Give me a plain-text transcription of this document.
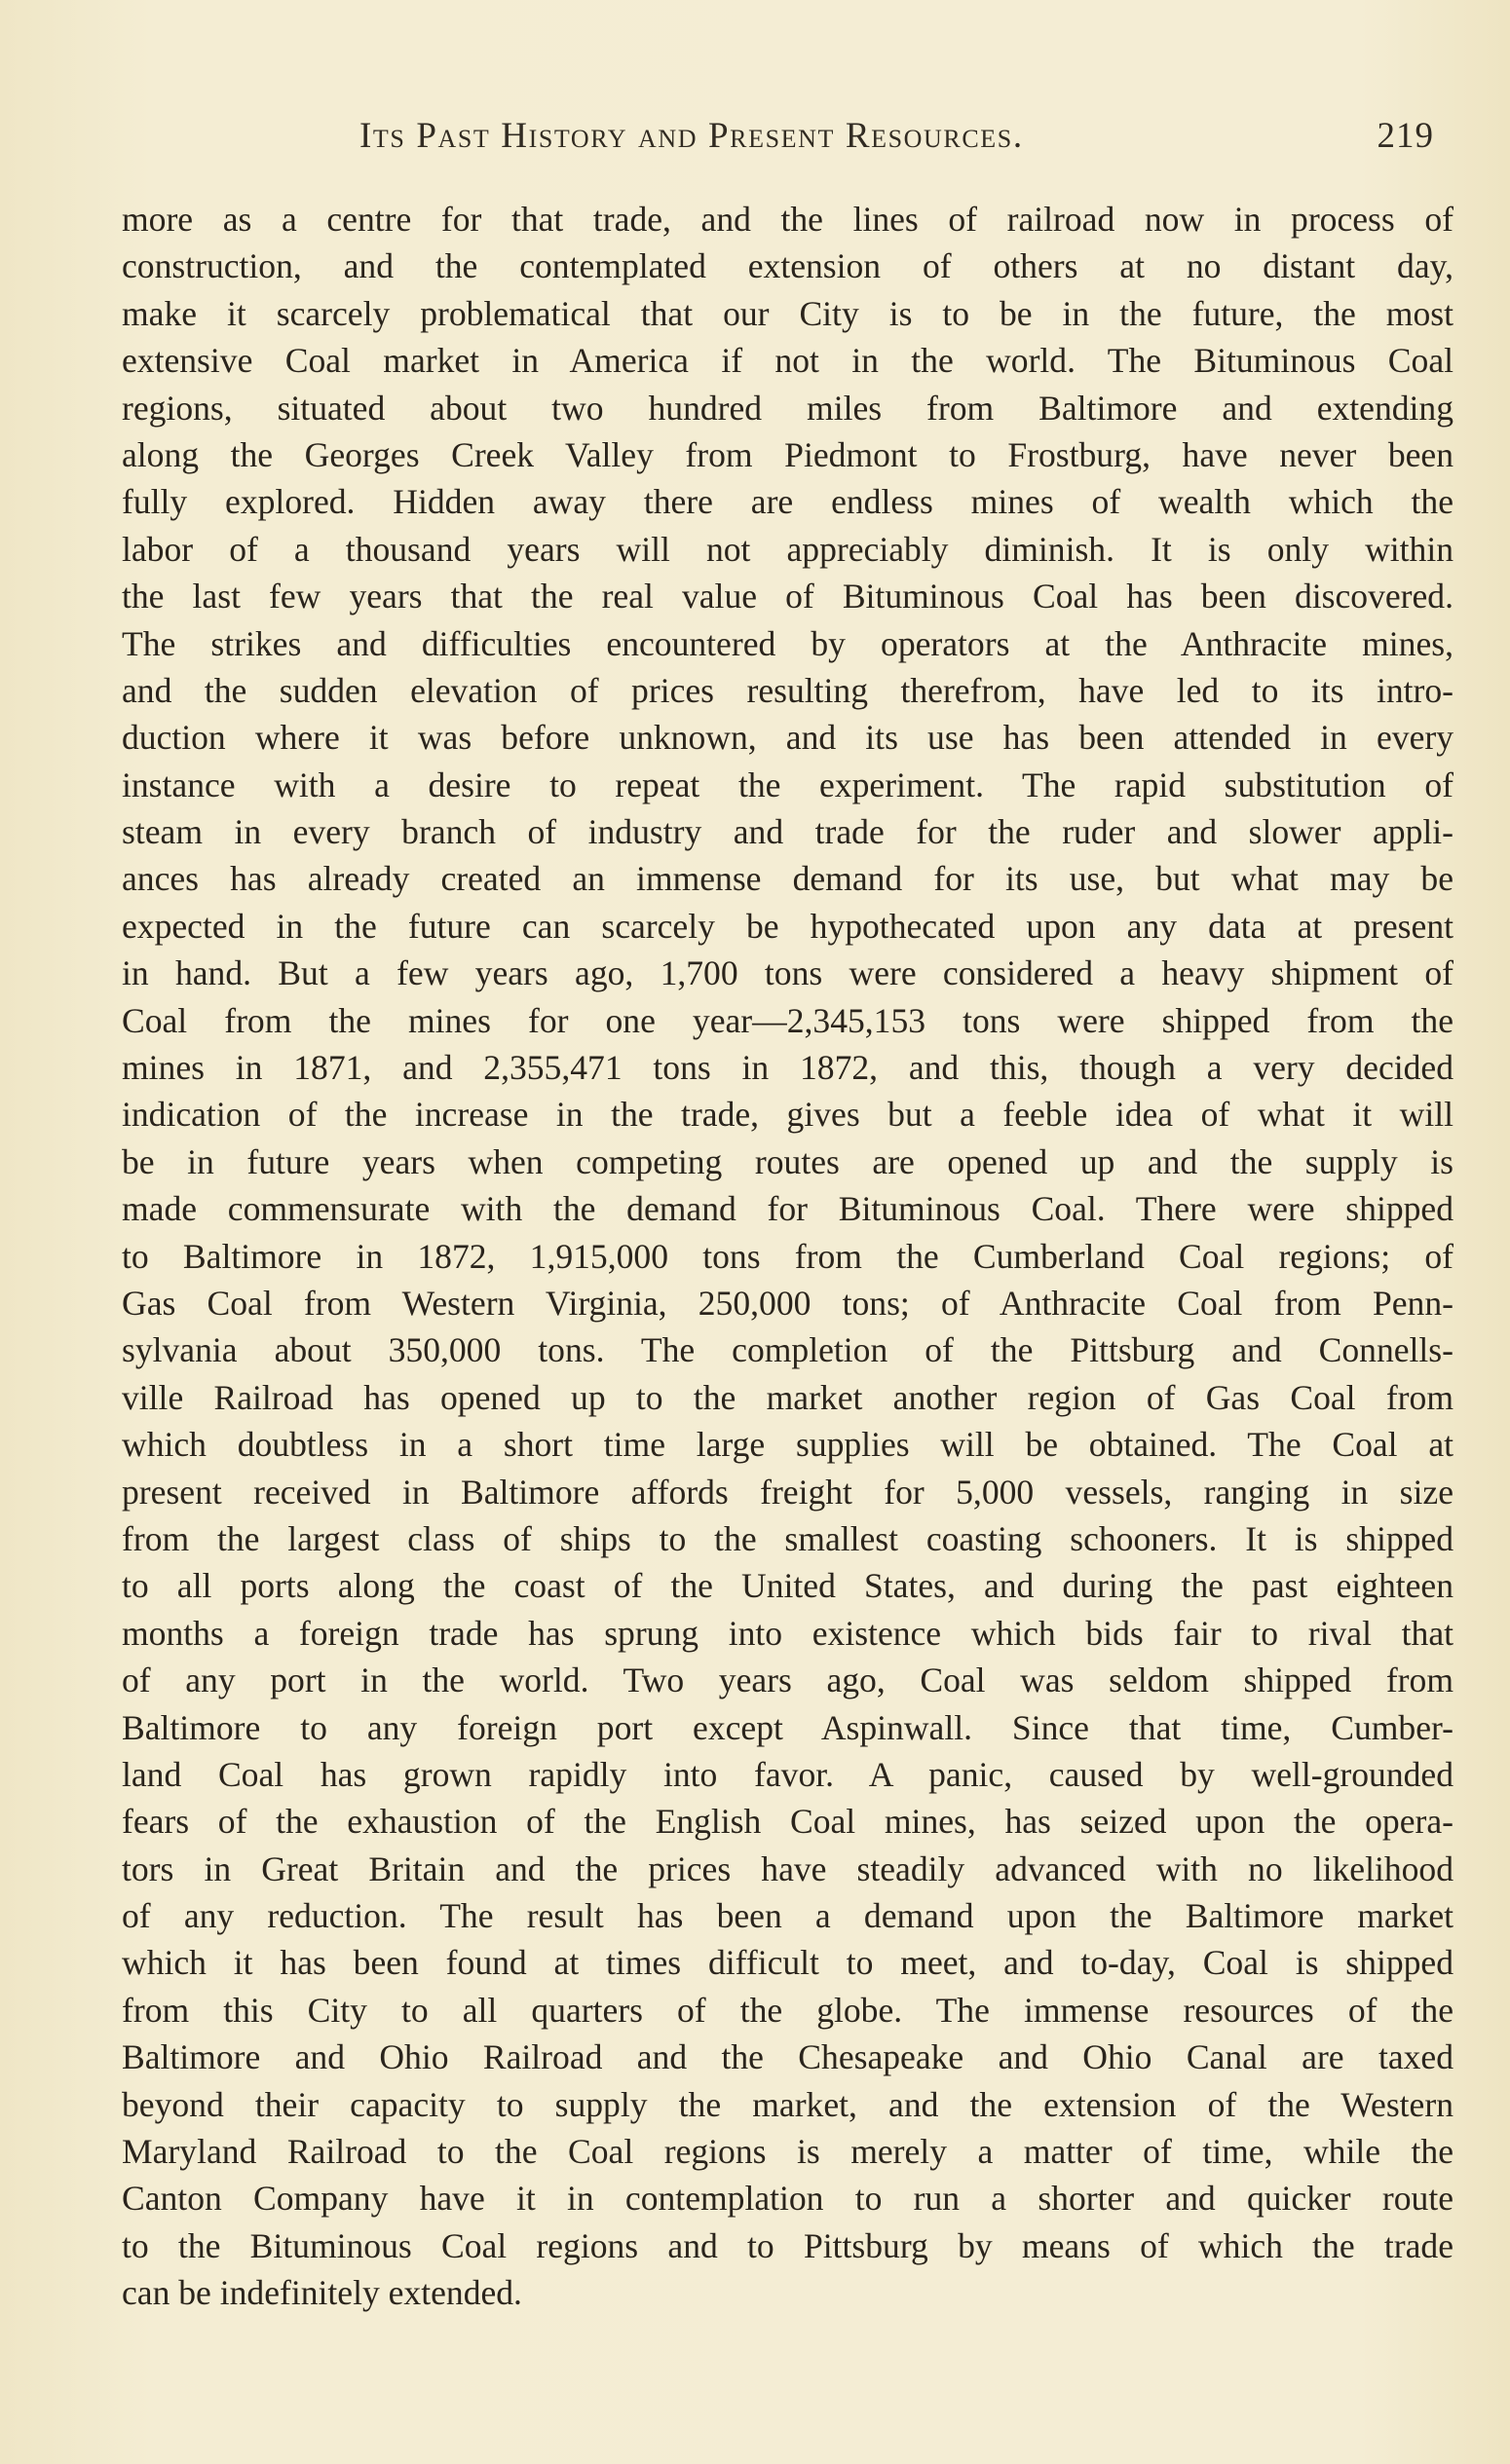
Its Past History and Present Resources.	219
more as a centre for that trade, and the lines of railroad now in process of
construction, and the contemplated extension of others at no distant day,
make it scarcely problematical that our City is to be in the future, the most
extensive Coal market in America if not in the world. The Bituminous Coal
regions, situated about two hundred miles from Baltimore and extending
along the Georges Creek Valley from Piedmont to Frostburg, have never been
fully explored. Hidden away there are endless mines of wealth which the
labor of a thousand years will not appreciably diminish. It is only within
the last few years that the real value of Bituminous Coal has been discovered.
The strikes and difficulties encountered by operators at the Anthracite mines,
and the sudden elevation of prices resulting therefrom, have led to its intro-
duction where it was before unknown, and its use has been attended in every
instance with a desire to repeat the experiment. The rapid substitution of
steam in every branch of industry and trade for the ruder and slower appli-
ances has already created an immense demand for its use, but what may be
expected in the future can scarcely be hypothecated upon any data at present
in hand. But a few years ago, 1,700 tons were considered a heavy shipment of
Coal from the mines for one year—2,345,153 tons were shipped from the
mines in 1871, and 2,355,471 tons in 1872, and this, though a very decided
indication of the increase in the trade, gives but a feeble idea of what it will
be in future years when competing routes are opened up and the supply is
made commensurate with the demand for Bituminous Coal. There were shipped
to Baltimore in 1872, 1,915,000 tons from the Cumberland Coal regions; of
Gas Coal from Western Virginia, 250,000 tons; of Anthracite Coal from Penn-
sylvania about 350,000 tons. The completion of the Pittsburg and Connells-
ville Railroad has opened up to the market another region of Gas Coal from
which doubtless in a short time large supplies will be obtained. The Coal at
present received in Baltimore affords freight for 5,000 vessels, ranging in size
from the largest class of ships to the smallest coasting schooners. It is shipped
to all ports along the coast of the United States, and during the past eighteen
months a foreign trade has sprung into existence which bids fair to rival that
of any port in the world. Two years ago, Coal was seldom shipped from
Baltimore to any foreign port except Aspinwall. Since that time, Cumber-
land Coal has grown rapidly into favor. A panic, caused by well-grounded
fears of the exhaustion of the English Coal mines, has seized upon the opera-
tors in Great Britain and the prices have steadily advanced with no likelihood
of any reduction. The result has been a demand upon the Baltimore market
which it has been found at times difficult to meet, and to-day, Coal is shipped
from this City to all quarters of the globe. The immense resources of the
Baltimore and Ohio Railroad and the Chesapeake and Ohio Canal are taxed
beyond their capacity to supply the market, and the extension of the Western
Maryland Railroad to the Coal regions is merely a matter of time, while the
Canton Company have it in contemplation to run a shorter and quicker route
to the Bituminous Coal regions and to Pittsburg by means of which the trade
can be indefinitely extended.
